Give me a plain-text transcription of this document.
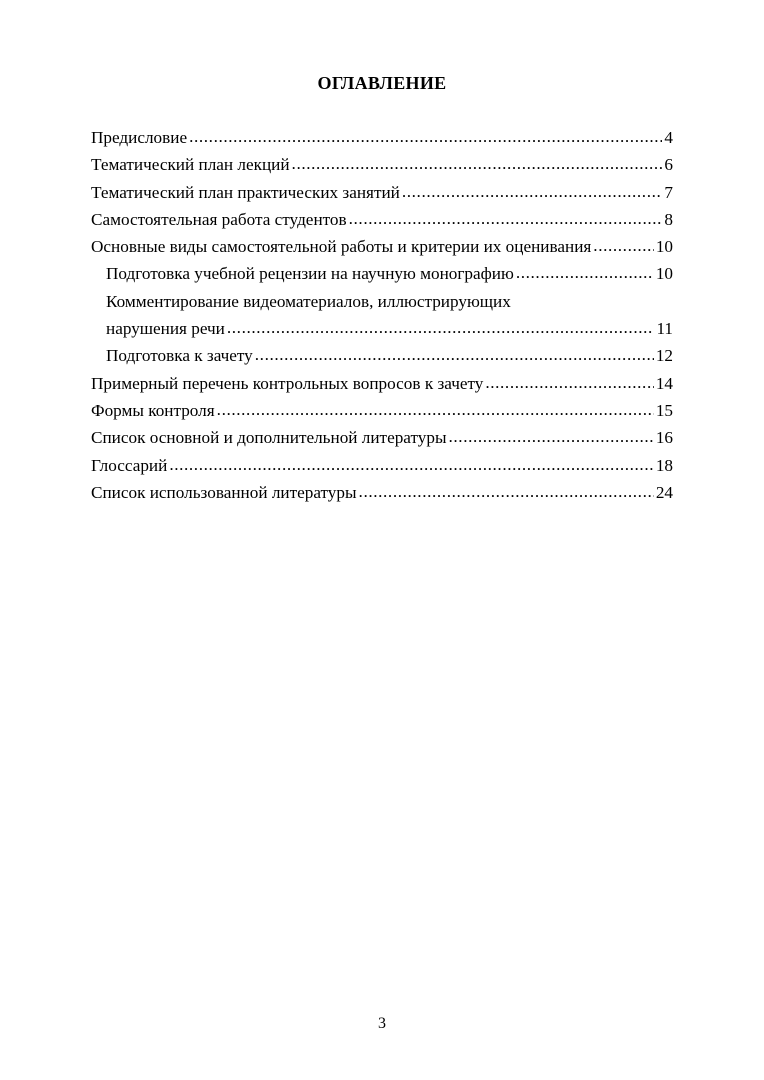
ОГЛАВЛЕНИЕ
Предисловие .....	4
Тематический план лекций .....	6
Тематический план практических занятий .....	7
Самостоятельная работа студентов .....	8
Основные виды самостоятельной работы и критерии их оценивания .....	10
Подготовка учебной рецензии на научную монографию .....	10
Комментирование видеоматериалов, иллюстрирующих
нарушения речи .....	11
Подготовка к зачету .....	12
Примерный перечень контрольных вопросов к зачету .....	14
Формы контроля .....	15
Список основной и дополнительной литературы .....	16
Глоссарий .....	18
Список использованной литературы .....	24
3
